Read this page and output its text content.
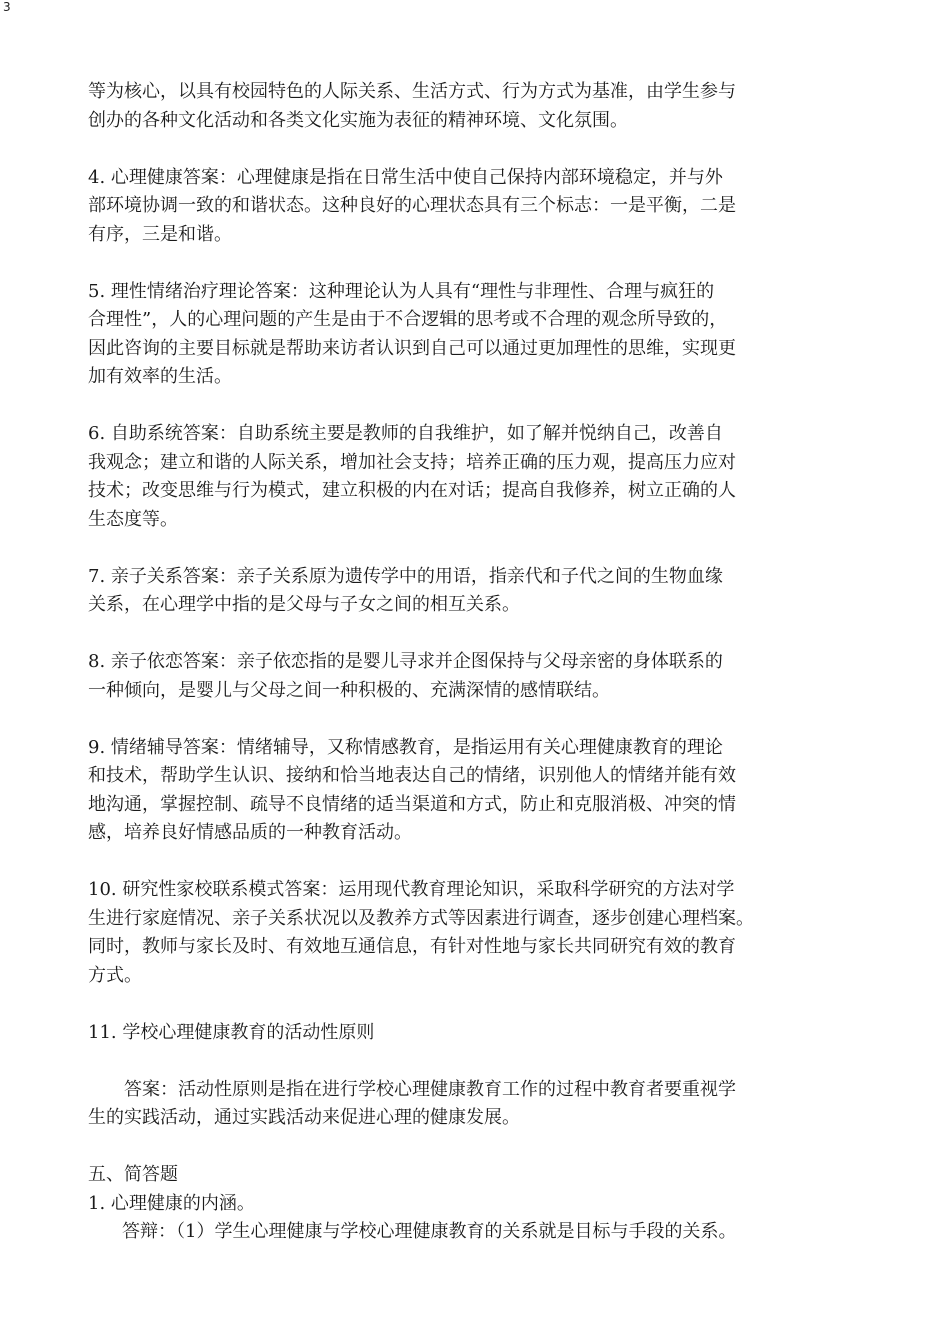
3
等为核心，以具有校园特色的人际关系、生活方式、行为方式为基准，由学生参与
创办的各种文化活动和各类文化实施为表征的精神环境、文化氛围。
4. 心理健康答案：心理健康是指在日常生活中使自己保持内部环境稳定，并与外
部环境协调一致的和谐状态。这种良好的心理状态具有三个标志：一是平衡，二是
有序，三是和谐。
5. 理性情绪治疗理论答案：这种理论认为人具有“理性与非理性、合理与疯狂的
合理性”，人的心理问题的产生是由于不合逻辑的思考或不合理的观念所导致的，
因此咨询的主要目标就是帮助来访者认识到自己可以通过更加理性的思维，实现更
加有效率的生活。
6. 自助系统答案：自助系统主要是教师的自我维护，如了解并悦纳自己，改善自
我观念；建立和谐的人际关系，增加社会支持；培养正确的压力观，提高压力应对
技术；改变思维与行为模式，建立积极的内在对话；提高自我修养，树立正确的人
生态度等。
7. 亲子关系答案：亲子关系原为遗传学中的用语，指亲代和子代之间的生物血缘
关系，在心理学中指的是父母与子女之间的相互关系。
8. 亲子依恋答案：亲子依恋指的是婴儿寻求并企图保持与父母亲密的身体联系的
一种倾向，是婴儿与父母之间一种积极的、充满深情的感情联结。
9. 情绪辅导答案：情绪辅导，又称情感教育，是指运用有关心理健康教育的理论
和技术，帮助学生认识、接纳和恰当地表达自己的情绪，识别他人的情绪并能有效
地沟通，掌握控制、疏导不良情绪的适当渠道和方式，防止和克服消极、冲突的情
感，培养良好情感品质的一种教育活动。
10. 研究性家校联系模式答案：运用现代教育理论知识，采取科学研究的方法对学
生进行家庭情况、亲子关系状况以及教养方式等因素进行调查，逐步创建心理档案。
同时，教师与家长及时、有效地互通信息，有针对性地与家长共同研究有效的教育
方式。
11. 学校心理健康教育的活动性原则
答案：活动性原则是指在进行学校心理健康教育工作的过程中教育者要重视学
生的实践活动，通过实践活动来促进心理的健康发展。
五、简答题
1. 心理健康的内涵。
答辩：（1）学生心理健康与学校心理健康教育的关系就是目标与手段的关系。
